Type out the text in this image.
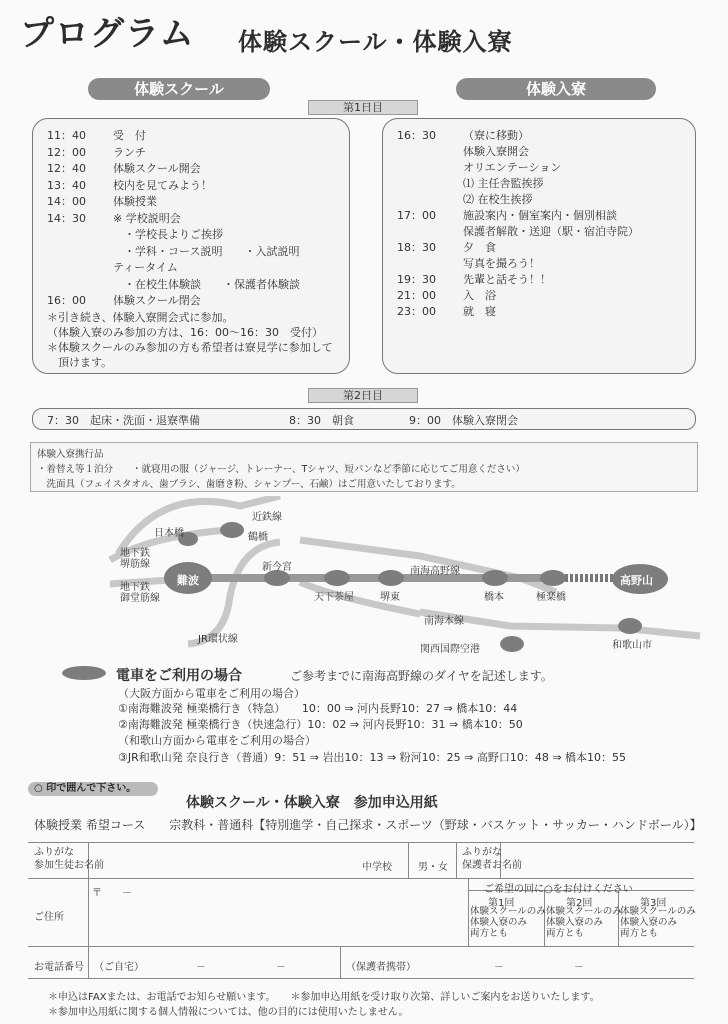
プログラム 体験スクール・体験入寮
体験スクール	体験入寮
第1日目
11：40 受　付
12：00 ランチ
12：40 体験スクール開会
13：40 校内を見てみよう！
14：00 体験授業
14：30 ※ 学校説明会
　・学校長よりご挨拶
　・学科・コース説明　　・入試説明
ティータイム
　・在校生体験談　　・保護者体験談
16：00 体験スクール閉会
＊引き続き、体験入寮開会式に参加。
（体験入寮のみ参加の方は、16：00〜16：30　受付）
＊体験スクールのみ参加の方も希望者は寮見学に参加して
　頂けます。
16：30 （寮に移動）
体験入寮開会
オリエンテーション
⑴ 主任舎監挨拶
⑵ 在校生挨拶
17：00 施設案内・個室案内・個別相談
保護者解散・送迎（駅・宿泊寺院）
18：30 夕　食
写真を撮ろう！
19：30 先輩と話そう！！
21：00 入　浴
23：00 就　寝
第2日目
7：30　起床・洗面・退寮準備	8：30　朝食	9：00　体験入寮閉会
体験入寮携行品
・着替え等１泊分　　・就寝用の服（ジャージ、トレーナー、Tシャツ、短パンなど季節に応じてご用意ください）
　洗面具（フェイスタオル、歯ブラシ、歯磨き粉、シャンプー、石鹸）はご用意いたしております。
日本橋	鶴橋
近鉄線
地下鉄
堺筋線
地下鉄
御堂筋線
難波
新今宮
天下茶屋	堺東
南海高野線
橋本	極楽橋
高野山
南海本線
JR環状線
関西国際空港	和歌山市
電車をご利用の場合	ご参考までに南海高野線のダイヤを記述します。
（大阪方面から電車をご利用の場合）
①南海難波発 極楽橋行き（特急）　　10：00 ⇒ 河内長野10：27 ⇒ 橋本10：44
②南海難波発 極楽橋行き（快速急行）10：02 ⇒ 河内長野10：31 ⇒ 橋本10：50
（和歌山方面から電車をご利用の場合）
③JR和歌山発 奈良行き（普通）9：51 ⇒ 岩出10：13 ⇒ 粉河10：25 ⇒ 高野口10：48 ⇒ 橋本10：55
○ 印で囲んで下さい。
体験スクール・体験入寮　参加申込用紙
体験授業 希望コース　　宗教科・普通科【特別進学・自己探求・スポーツ（野球・バスケット・サッカー・ハンドボール）】
ふりがな
参加生徒お名前	中学校	男・女
ふりがな
保護者お名前
ご住所
〒　　－	ご希望の回に○をお付けください
第1回
体験スクールのみ
体験入寮のみ
両方とも
第2回
体験スクールのみ
体験入寮のみ
両方とも
第3回
体験スクールのみ
体験入寮のみ
両方とも
お電話番号 （ご自宅）	－　　　　　　　－	（保護者携帯）	－　　　　　　　－
＊申込はFAXまたは、お電話でお知らせ願います。　　＊参加申込用紙を受け取り次第、詳しいご案内をお送りいたします。
＊参加申込用紙に関する個人情報については、他の目的には使用いたしません。
